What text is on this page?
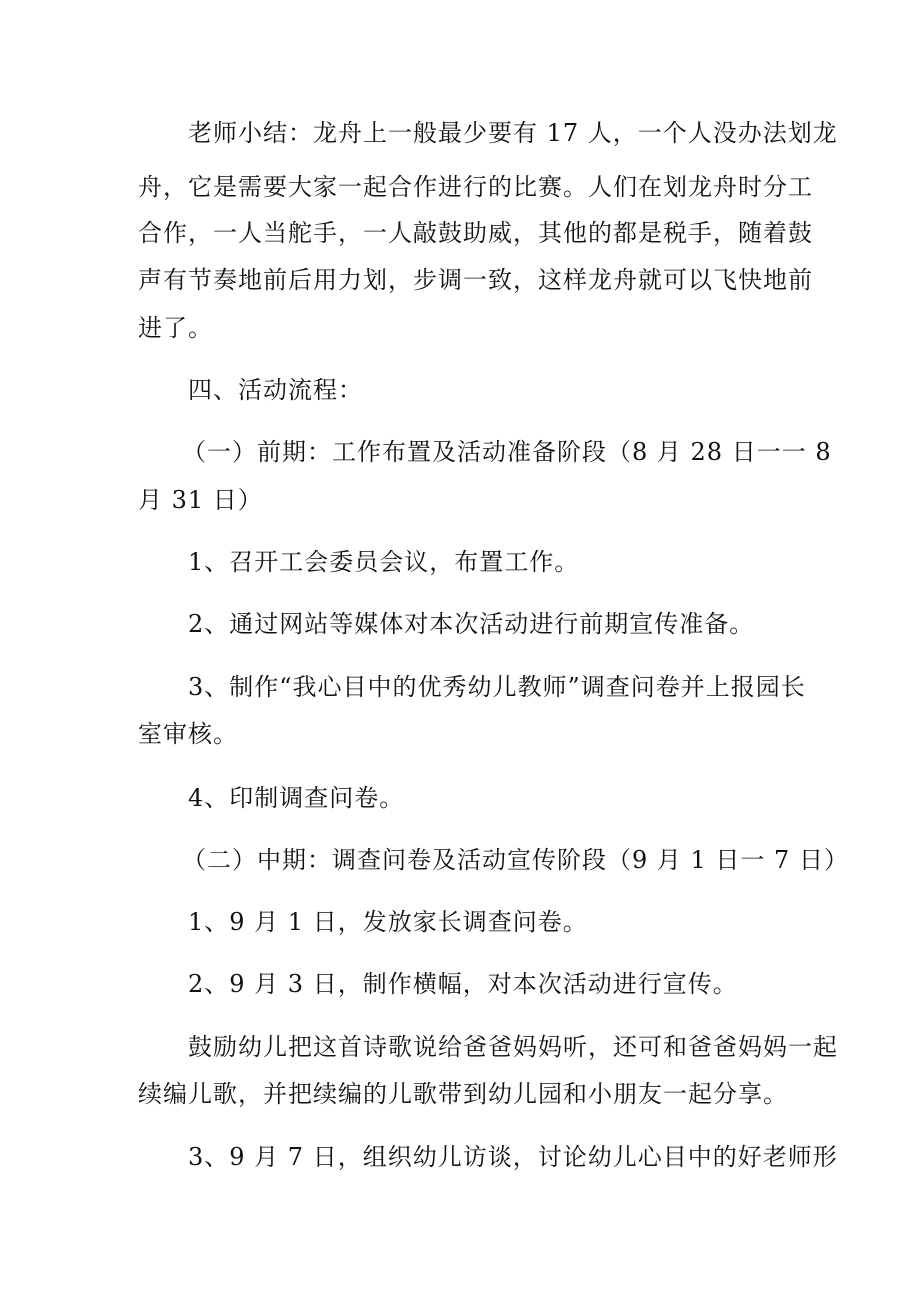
老师小结：龙舟上一般最少要有 17 人，一个人没办法划龙
舟，它是需要大家一起合作进行的比赛。人们在划龙舟时分工
合作，一人当舵手，一人敲鼓助威，其他的都是税手，随着鼓
声有节奏地前后用力划，步调一致，这样龙舟就可以飞快地前
进了。
四、活动流程：
（一）前期：工作布置及活动准备阶段（8 月 28 日一一 8
月 31 日）
1、召开工会委员会议，布置工作。
2、通过网站等媒体对本次活动进行前期宣传准备。
3、制作“我心目中的优秀幼儿教师”调查问卷并上报园长
室审核。
4、印制调查问卷。
（二）中期：调查问卷及活动宣传阶段（9 月 1 日一 7 日）
1、9 月 1 日，发放家长调查问卷。
2、9 月 3 日，制作横幅，对本次活动进行宣传。
鼓励幼儿把这首诗歌说给爸爸妈妈听，还可和爸爸妈妈一起
续编儿歌，并把续编的儿歌带到幼儿园和小朋友一起分享。
3、9 月 7 日，组织幼儿访谈，讨论幼儿心目中的好老师形
